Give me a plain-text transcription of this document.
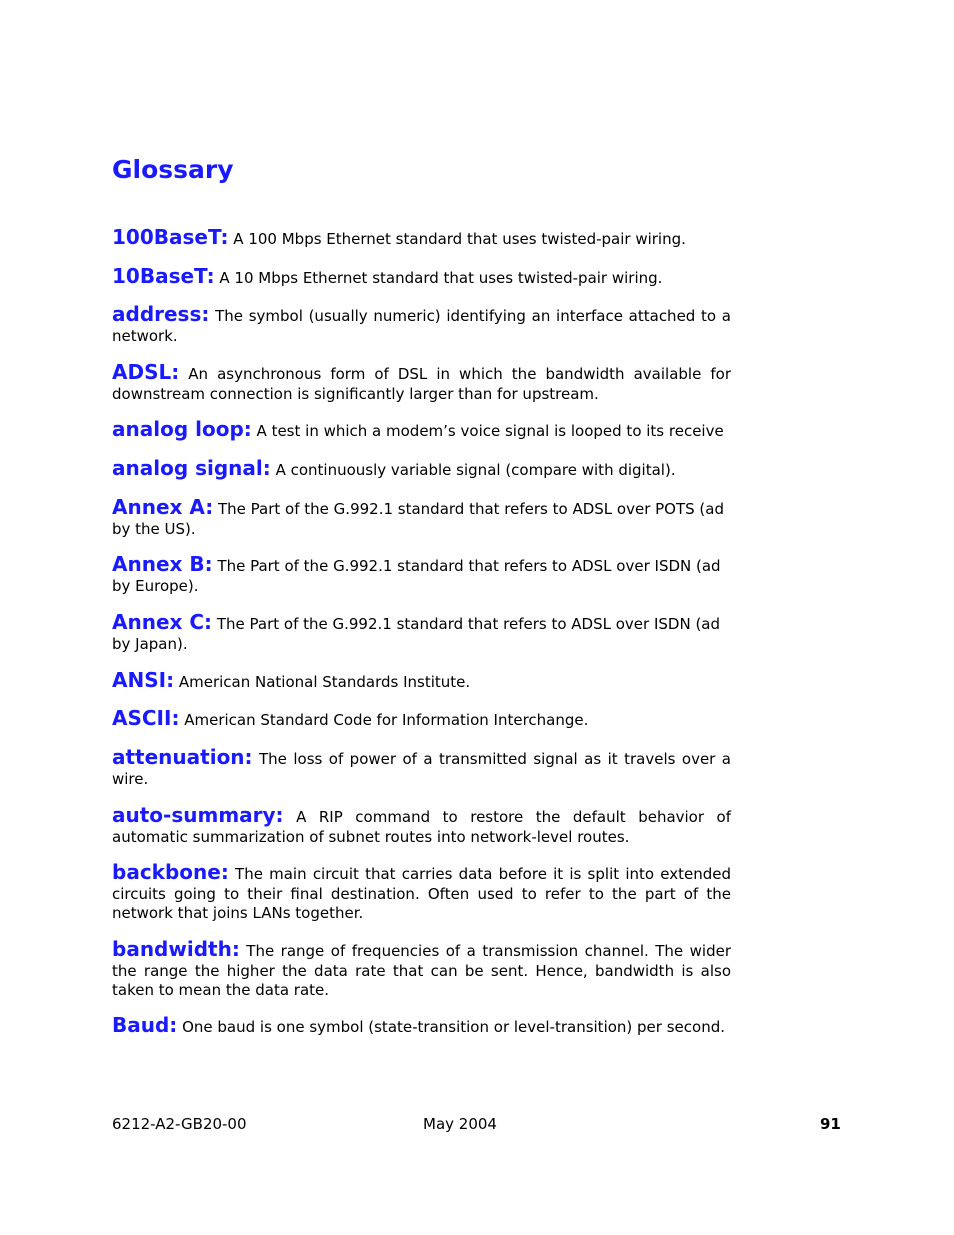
Glossary

100BaseT: A 100 Mbps Ethernet standard that uses twisted-pair wiring.

10BaseT: A 10 Mbps Ethernet standard that uses twisted-pair wiring.

address: The symbol (usually numeric) identifying an interface attached to a network.

ADSL: An asynchronous form of DSL in which the bandwidth available for downstream connection is significantly larger than for upstream.

analog loop: A test in which a modem’s voice signal is looped to its receive

analog signal: A continuously variable signal (compare with digital).

Annex A: The Part of the G.992.1 standard that refers to ADSL over POTS (ad
by the US).

Annex B: The Part of the G.992.1 standard that refers to ADSL over ISDN (ad
by Europe).

Annex C: The Part of the G.992.1 standard that refers to ADSL over ISDN (ad
by Japan).

ANSI: American National Standards Institute.

ASCII: American Standard Code for Information Interchange.

attenuation: The loss of power of a transmitted signal as it travels over a wire.

auto-summary: A RIP command to restore the default behavior of automatic summarization of subnet routes into network-level routes.

backbone: The main circuit that carries data before it is split into extended circuits going to their final destination. Often used to refer to the part of the network that joins LANs together.

bandwidth: The range of frequencies of a transmission channel. The wider the range the higher the data rate that can be sent. Hence, bandwidth is also taken to mean the data rate.

Baud: One baud is one symbol (state-transition or level-transition) per second.

6212-A2-GB20-00	May 2004	91
